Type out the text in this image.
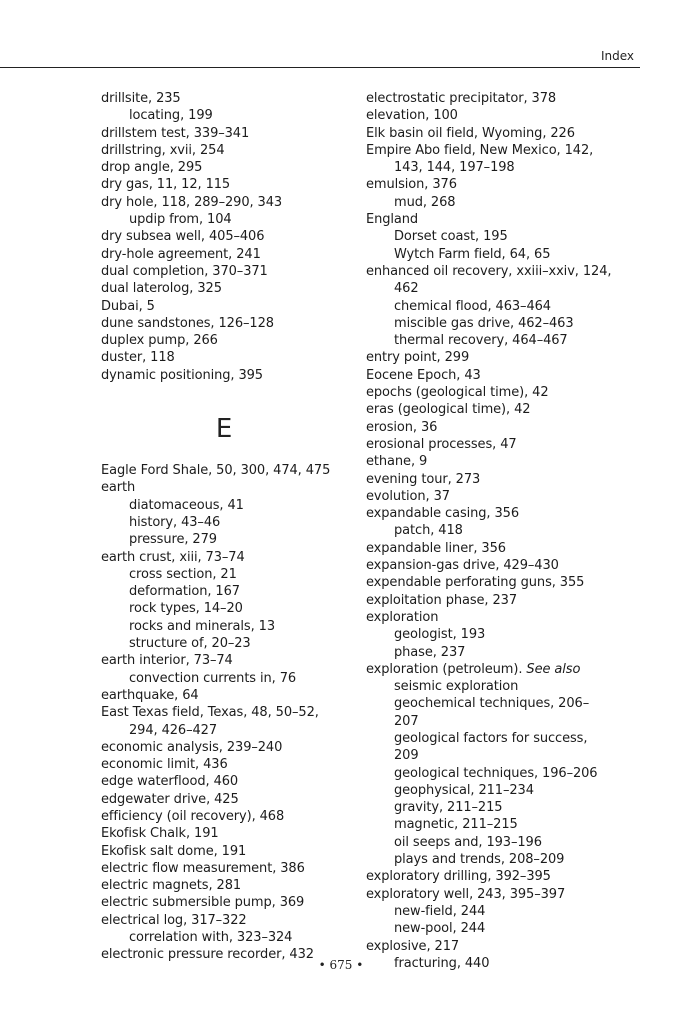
Index
drillsite, 235
locating, 199
drillstem test, 339–341
drillstring, xvii, 254
drop angle, 295
dry gas, 11, 12, 115
dry hole, 118, 289–290, 343
updip from, 104
dry subsea well, 405–406
dry-hole agreement, 241
dual completion, 370–371
dual laterolog, 325
Dubai, 5
dune sandstones, 126–128
duplex pump, 266
duster, 118
dynamic positioning, 395
E
Eagle Ford Shale, 50, 300, 474, 475
earth
diatomaceous, 41
history, 43–46
pressure, 279
earth crust, xiii, 73–74
cross section, 21
deformation, 167
rock types, 14–20
rocks and minerals, 13
structure of, 20–23
earth interior, 73–74
convection currents in, 76
earthquake, 64
East Texas field, Texas, 48, 50–52,
294, 426–427
economic analysis, 239–240
economic limit, 436
edge waterflood, 460
edgewater drive, 425
efficiency (oil recovery), 468
Ekofisk Chalk, 191
Ekofisk salt dome, 191
electric flow measurement, 386
electric magnets, 281
electric submersible pump, 369
electrical log, 317–322
correlation with, 323–324
electronic pressure recorder, 432
electrostatic precipitator, 378
elevation, 100
Elk basin oil field, Wyoming, 226
Empire Abo field, New Mexico, 142,
143, 144, 197–198
emulsion, 376
mud, 268
England
Dorset coast, 195
Wytch Farm field, 64, 65
enhanced oil recovery, xxiii–xxiv, 124,
462
chemical flood, 463–464
miscible gas drive, 462–463
thermal recovery, 464–467
entry point, 299
Eocene Epoch, 43
epochs (geological time), 42
eras (geological time), 42
erosion, 36
erosional processes, 47
ethane, 9
evening tour, 273
evolution, 37
expandable casing, 356
patch, 418
expandable liner, 356
expansion-gas drive, 429–430
expendable perforating guns, 355
exploitation phase, 237
exploration
geologist, 193
phase, 237
exploration (petroleum). See also
seismic exploration
geochemical techniques, 206–
207
geological factors for success,
209
geological techniques, 196–206
geophysical, 211–234
gravity, 211–215
magnetic, 211–215
oil seeps and, 193–196
plays and trends, 208–209
exploratory drilling, 392–395
exploratory well, 243, 395–397
new-field, 244
new-pool, 244
explosive, 217
fracturing, 440
• 675 •
